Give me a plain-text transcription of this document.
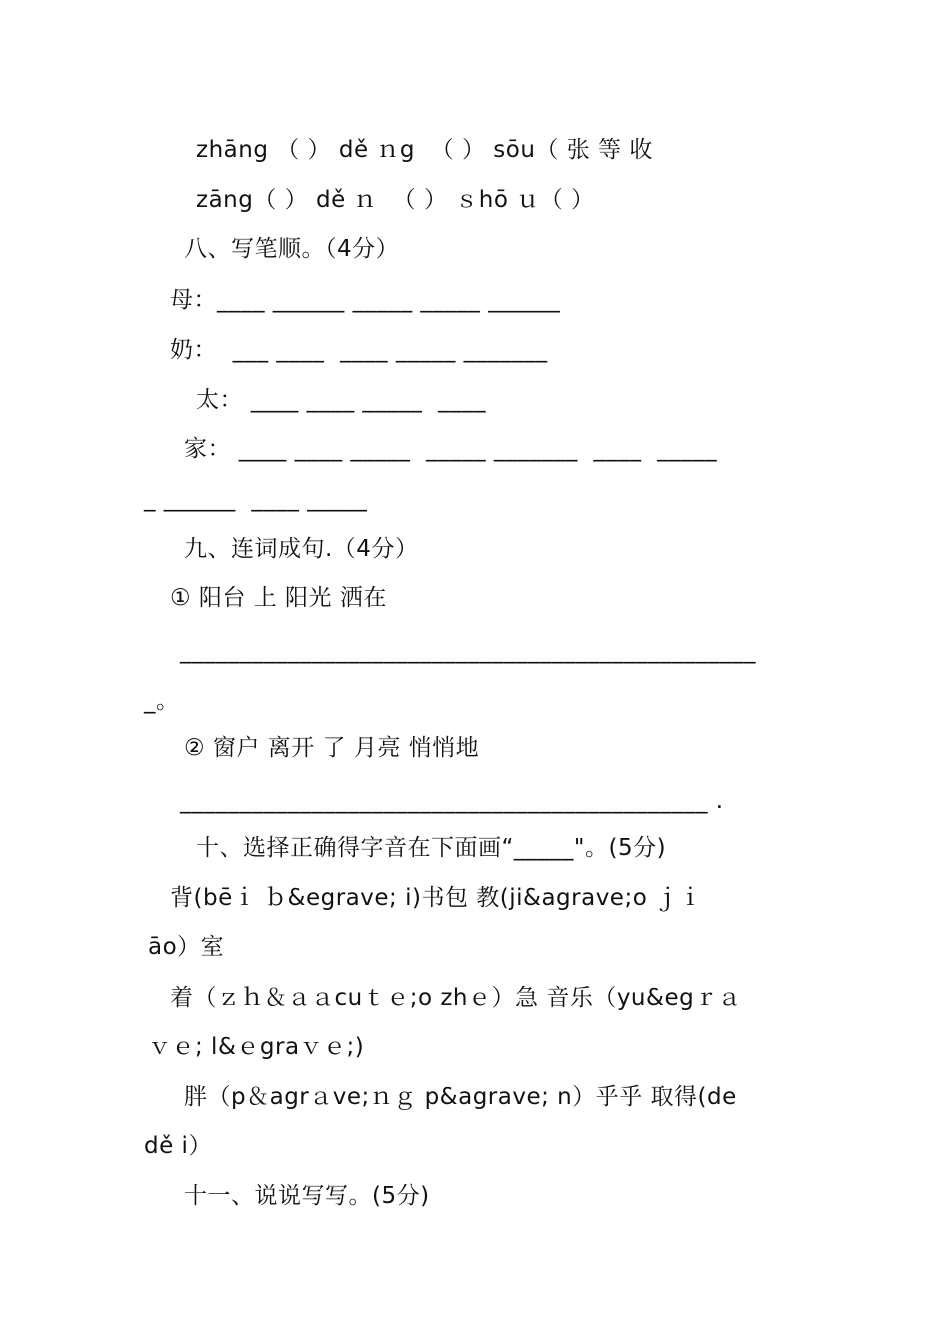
zhāng （ ） dě ｎg  （ ） sōu（ 张 等 收
zāng（ ） dě ｎ  （ ） ｓhō ｕ（ ）
八、写笔顺。（4分）
母：____ ______ _____ _____ ______
奶：  ___ ____  ____ _____ _______
太： ____ ____ _____  ____
家： ____ ____ _____  _____ _______  ____  _____
_ ______  ____ _____
九、连词成句.（4分）
① 阳台 上 阳光 洒在
________________________________________________
_。
② 窗户 离开 了 月亮 悄悄地
____________________________________________ .
十、选择正确得字音在下面画“_____"。(5分)
背(bēｉ ｂ&egrave; i)书包 教(ji&agrave;o ｊｉ
āo）室
着（ｚｈ＆ａａcuｔｅ;o zhｅ）急 音乐（yu&egｒａ
ｖｅ; l&ｅgraｖｅ;)
胖（p＆agrａve;ｎｇ p&agrave; n）乎乎 取得(de
dě i）
十一、说说写写。(5分)
